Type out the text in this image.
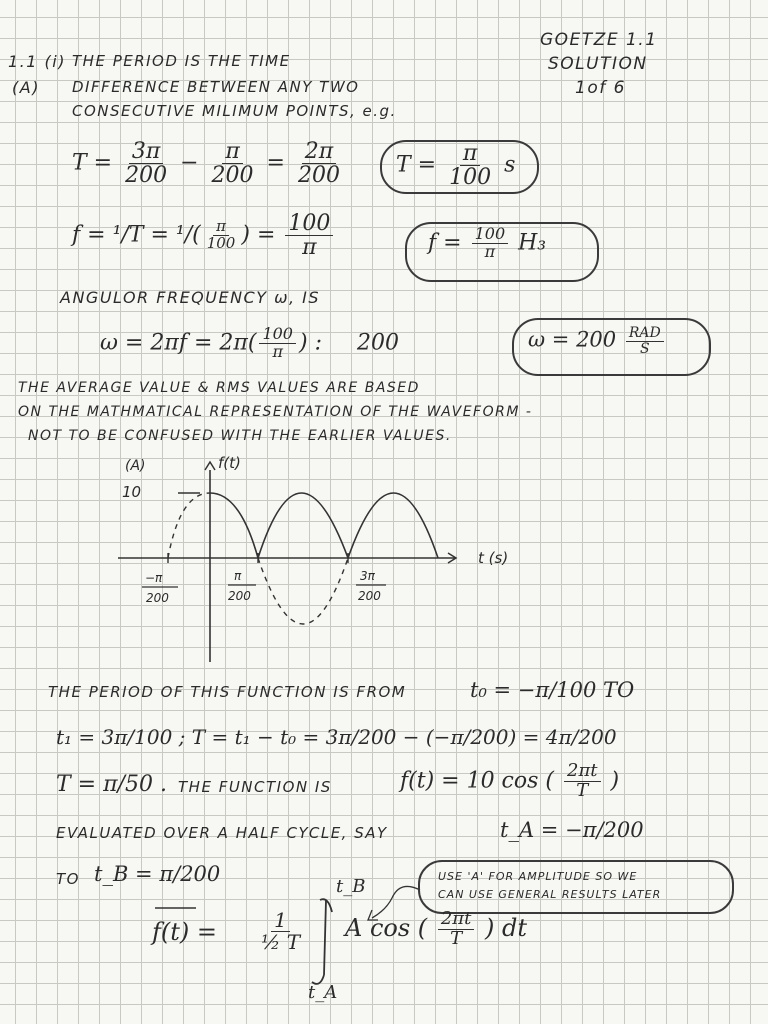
GOETZE 1.1
SOLUTION
1of 6
1.1 (i)
(A)
THE PERIOD IS THE TIME
DIFFERENCE BETWEEN ANY TWO
CONSECUTIVE MILIMUM POINTS, e.g.
$T = \frac{3\pi}{200} - \frac{\pi}{200} = \frac{2\pi}{200}$ $T = \frac{\pi}{100}$ s
$f = ^1/T = ^1/( \frac{\pi}{100}$ ) = $\frac{100}{\pi}$	$f = \frac{100}{\pi} H_3$
ANGULOR FREQUENCY ω, IS
$\omega = 2\pi f = 2\pi( \frac{100}{\pi}$ ) : 200	$\omega = 200 \frac{\text{RAD}}{S}$
THE AVERAGE VALUE & RMS VALUES ARE BASED
ON THE MATHMATICAL REPRESENTATION OF THE WAVEFORM -
NOT TO BE CONFUSED WITH THE EARLIER VALUES.
(A)	f(t)
10
t (s)
−π
200
π
200
3π
200
THE PERIOD OF THIS FUNCTION IS FROM	t₀ = −π/100 TO
t₁ = 3π/100 ; T = t₁ − t₀ = 3π/200 − (−π/200) = 4π/200
T = π/50 . THE FUNCTION IS	f(t) = 10 cos ( $\frac{2\pi t}{T}$ )
EVALUATED OVER A HALF CYCLE, SAY	t_A = −π/200
TO t_B = π/200	USE 'A' FOR AMPLITUDE SO WE
CAN USE GENERAL RESULTS LATER
$f(t) = \frac{1}{\text{½ T}}$
t_B
t_A
A cos ( $\frac{2\pi t}{T}$ ) dt
